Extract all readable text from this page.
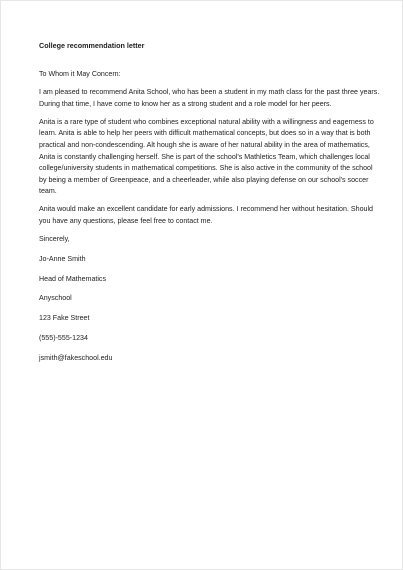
College recommendation letter
To Whom it May Concern:
I am pleased to recommend Anita School, who has been a student in my math class for the past three years.
During that time, I have come to know her as a strong student and a role model for her peers.
Anita is a rare type of student who combines exceptional natural ability with a willingness and eagerness to
learn. Anita is able to help her peers with difficult mathematical concepts, but does so in a way that is both
practical and non-condescending. Alt hough she is aware of her natural ability in the area of mathematics,
Anita is constantly challenging herself. She is part of the school's Mathletics Team, which challenges local
college/university students in mathematical competitions. She is also active in the community of the school
by being a member of Greenpeace, and a cheerleader, while also playing defense on our school's soccer
team.
Anita would make an excellent candidate for early admissions. I recommend her without hesitation. Should
you have any questions, please feel free to contact me.
Sincerely,
Jo-Anne Smith
Head of Mathematics
Anyschool
123 Fake Street
(555)-555-1234
jsmith@fakeschool.edu
